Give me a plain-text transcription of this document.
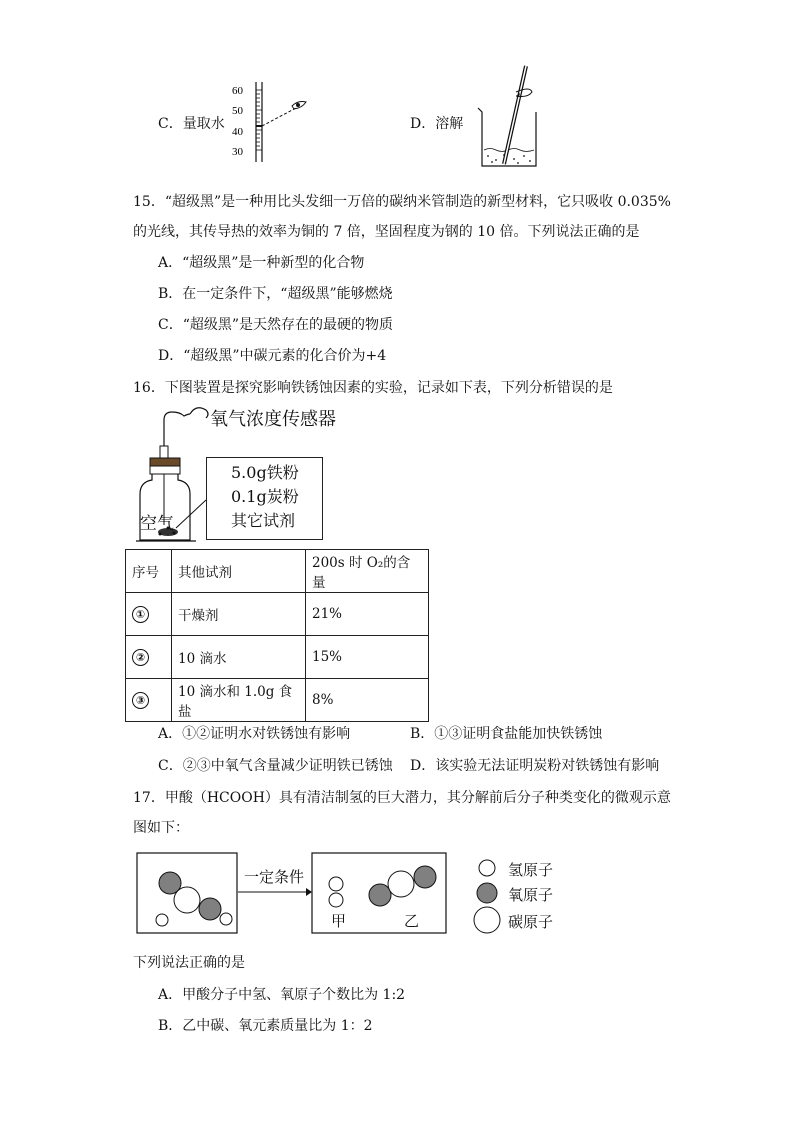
C．量取水
60
50
40
30
D．溶解
15．“超级黑”是一种用比头发细一万倍的碳纳米管制造的新型材料，它只吸收 0.035%
的光线，其传导热的效率为铜的 7 倍，坚固程度为钢的 10 倍。下列说法正确的是
A．“超级黑”是一种新型的化合物
B．在一定条件下，“超级黑”能够燃烧
C．“超级黑”是天然存在的最硬的物质
D．“超级黑”中碳元素的化合价为+4
16．下图装置是探究影响铁锈蚀因素的实验，记录如下表，下列分析错误的是
空气
氧气浓度传感器
5.0g铁粉
0.1g炭粉
其它试剂
序号	其他试剂	200s 时 O₂的含量
①	干燥剂	21%
②	10 滴水	15%
③	10 滴水和 1.0g 食盐	8%
A．①②证明水对铁锈蚀有影响	B．①③证明食盐能加快铁锈蚀
C．②③中氧气含量减少证明铁已锈蚀 D．该实验无法证明炭粉对铁锈蚀有影响
17．甲酸（HCOOH）具有清洁制氢的巨大潜力，其分解前后分子种类变化的微观示意
图如下：
一定条件
甲	乙
氢原子
氧原子
碳原子
下列说法正确的是
A．甲酸分子中氢、氧原子个数比为 1:2
B．乙中碳、氧元素质量比为 1：2
